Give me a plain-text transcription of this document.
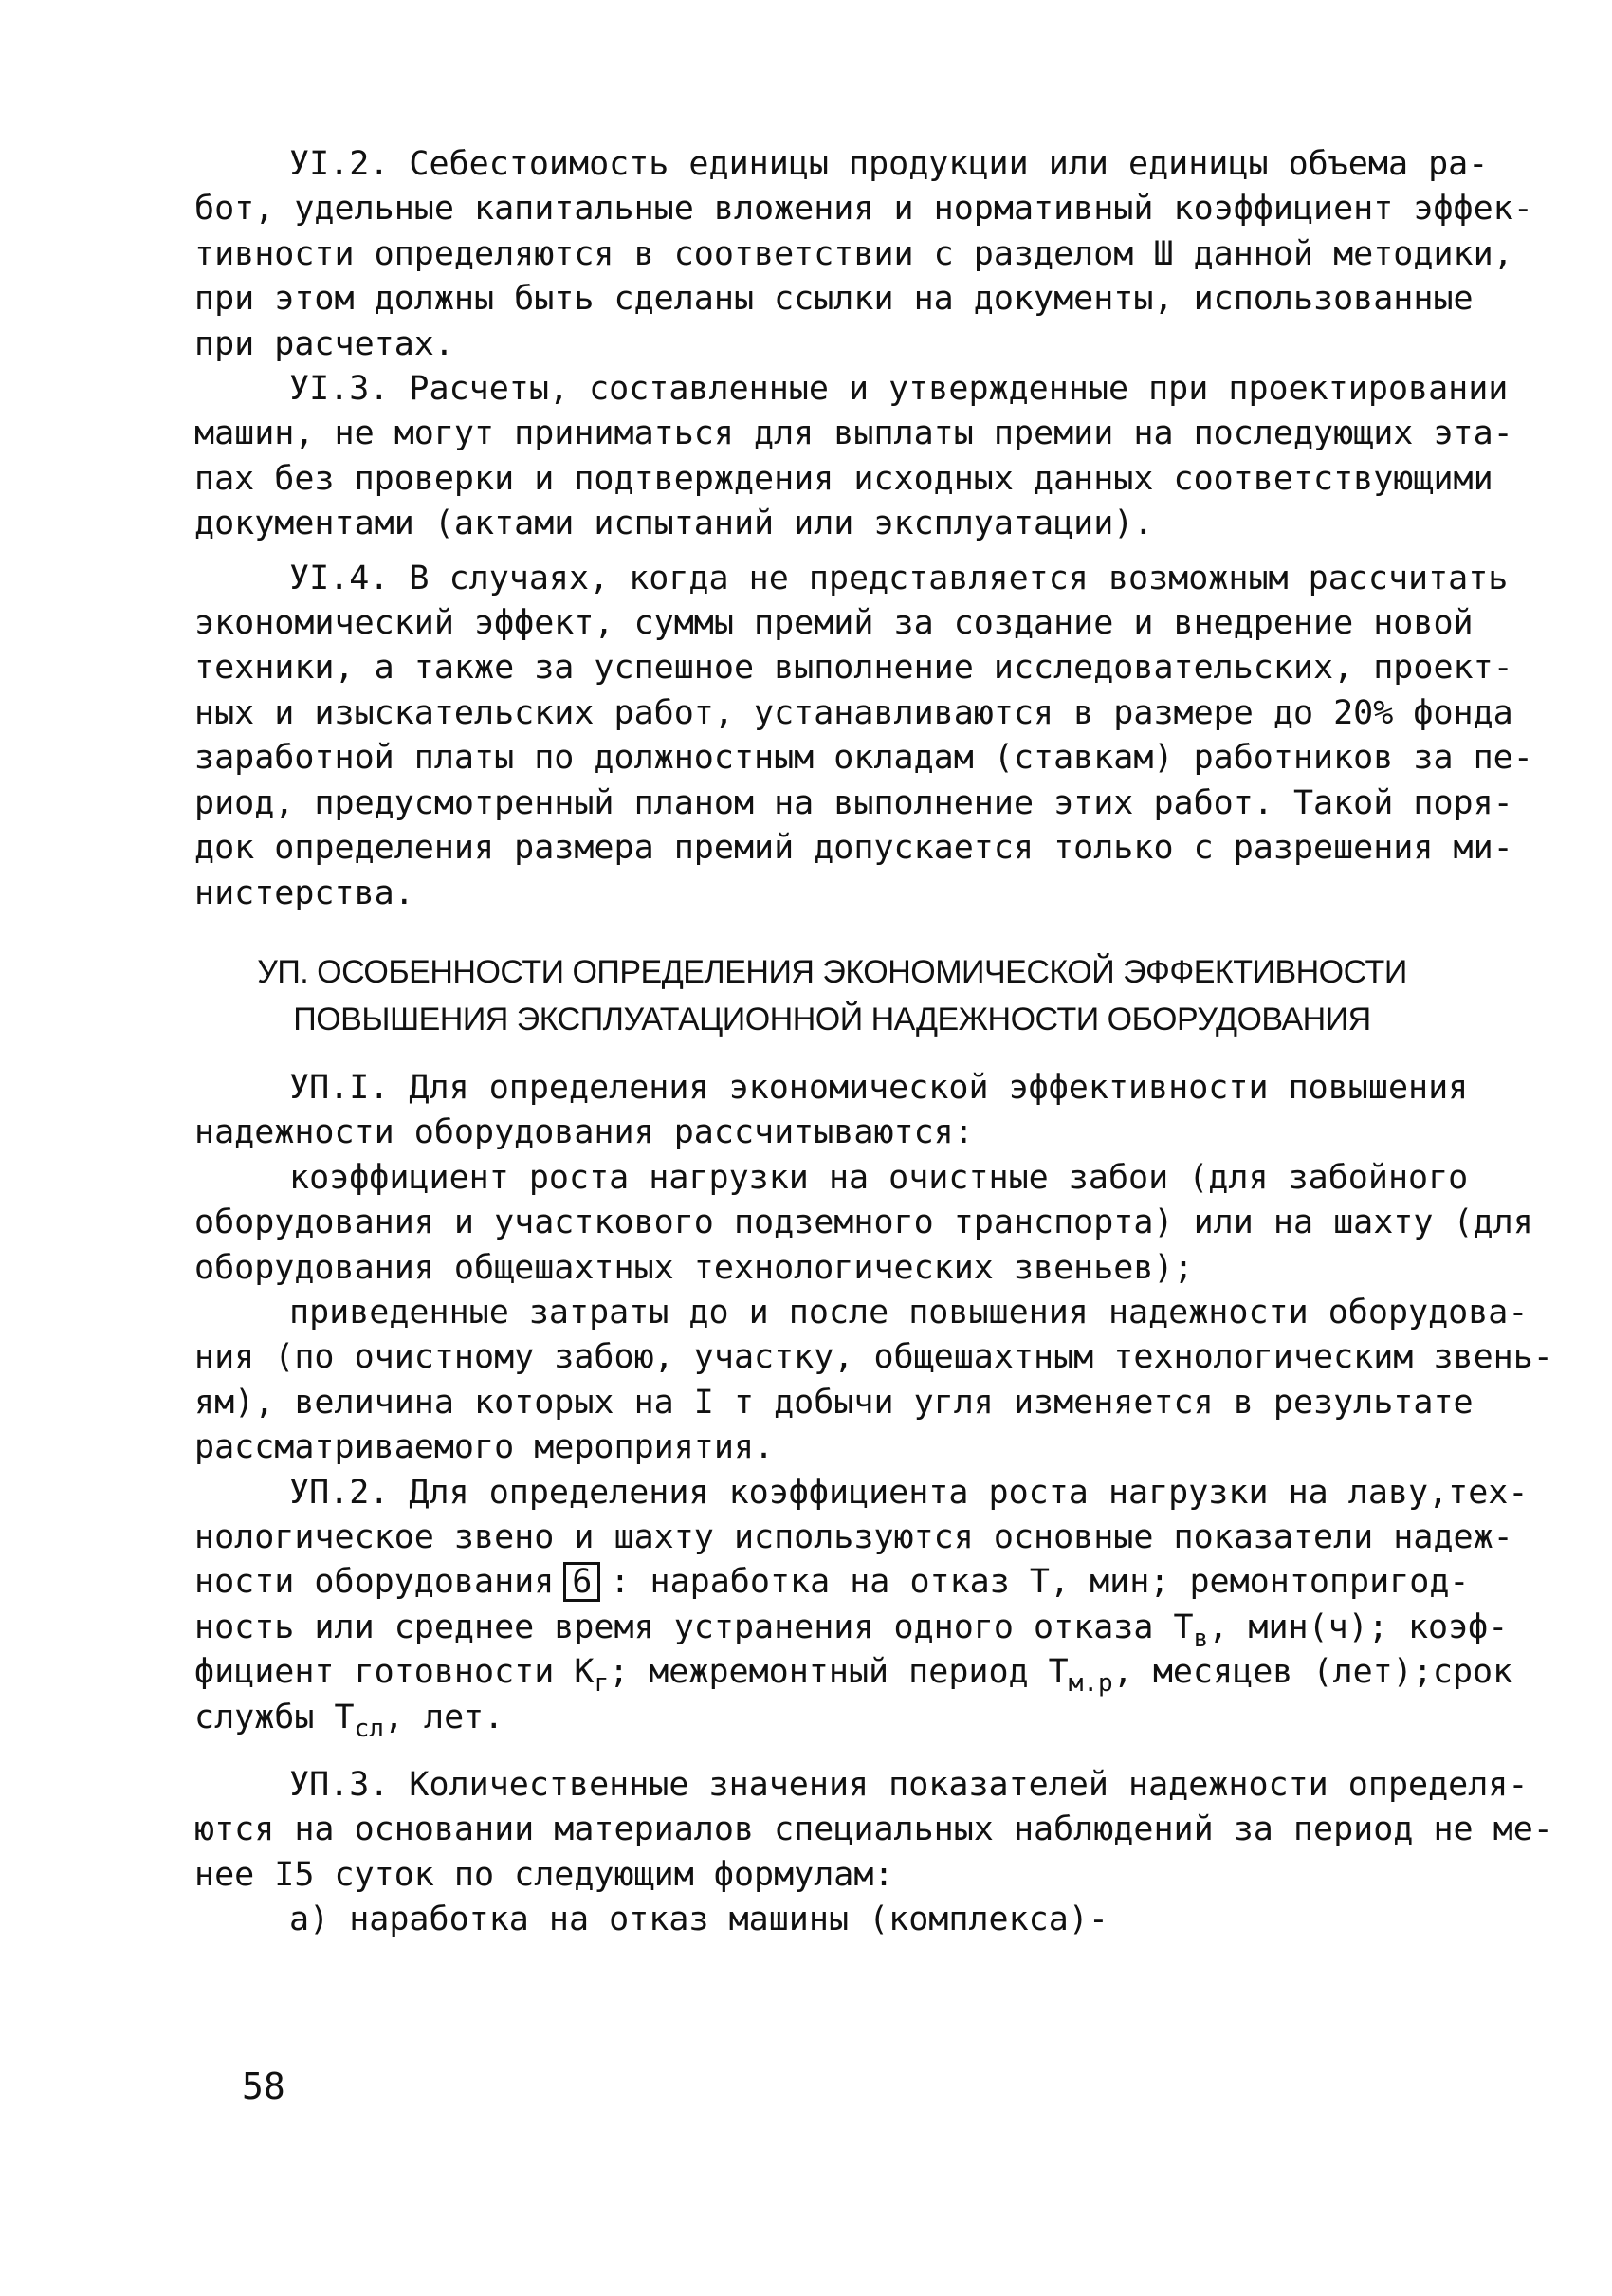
УI.2. Себестоимость единицы продукции или единицы объема ра-
бот, удельные капитальные вложения и нормативный коэффициент эффек-
тивности определяются в соответствии с разделом Ш данной методики,
при этом должны быть сделаны ссылки на документы, использованные
при расчетах.
УI.3. Расчеты, составленные и утвержденные при проектировании
машин, не могут приниматься для выплаты премии на последующих эта-
пах без проверки и подтверждения исходных данных соответствующими
документами (актами испытаний или эксплуатации).
УI.4. В случаях, когда не представляется возможным рассчитать
экономический эффект, суммы премий за создание и внедрение новой
техники, а также за успешное выполнение исследовательских, проект-
ных и изыскательских работ, устанавливаются в размере до 20% фонда
заработной платы по должностным окладам (ставкам) работников за пе-
риод, предусмотренный планом на выполнение этих работ. Такой поря-
док определения размера премий допускается только с разрешения ми-
нистерства.
УП. ОСОБЕННОСТИ ОПРЕДЕЛЕНИЯ ЭКОНОМИЧЕСКОЙ ЭФФЕКТИВНОСТИ
ПОВЫШЕНИЯ ЭКСПЛУАТАЦИОННОЙ НАДЕЖНОСТИ ОБОРУДОВАНИЯ
УП.I. Для определения экономической эффективности повышения
надежности оборудования рассчитываются:
коэффициент роста нагрузки на очистные забои (для забойного
оборудования и участкового подземного транспорта) или на шахту (для
оборудования общешахтных технологических звеньев);
приведенные затраты до и после повышения надежности оборудова-
ния (по очистному забою, участку, общешахтным технологическим звень-
ям), величина которых на I т добычи угля изменяется в результате
рассматриваемого мероприятия.
УП.2. Для определения коэффициента роста нагрузки на лаву,тех-
нологическое звено и шахту используются основные показатели надеж-
ности оборудования 6 : наработка на отказ Т, мин; ремонтопригод-
ность или среднее время устранения одного отказа $Т_в$, мин(ч); коэф-
фициент готовности $К_г$; межремонтный период $Т_{м.р}$, месяцев (лет);срок
службы $Т_{сл}$, лет.
УП.3. Количественные значения показателей надежности определя-
ются на основании материалов специальных наблюдений за период не ме-
нее I5 суток по следующим формулам:
а) наработка на отказ машины (комплекса)-
58
